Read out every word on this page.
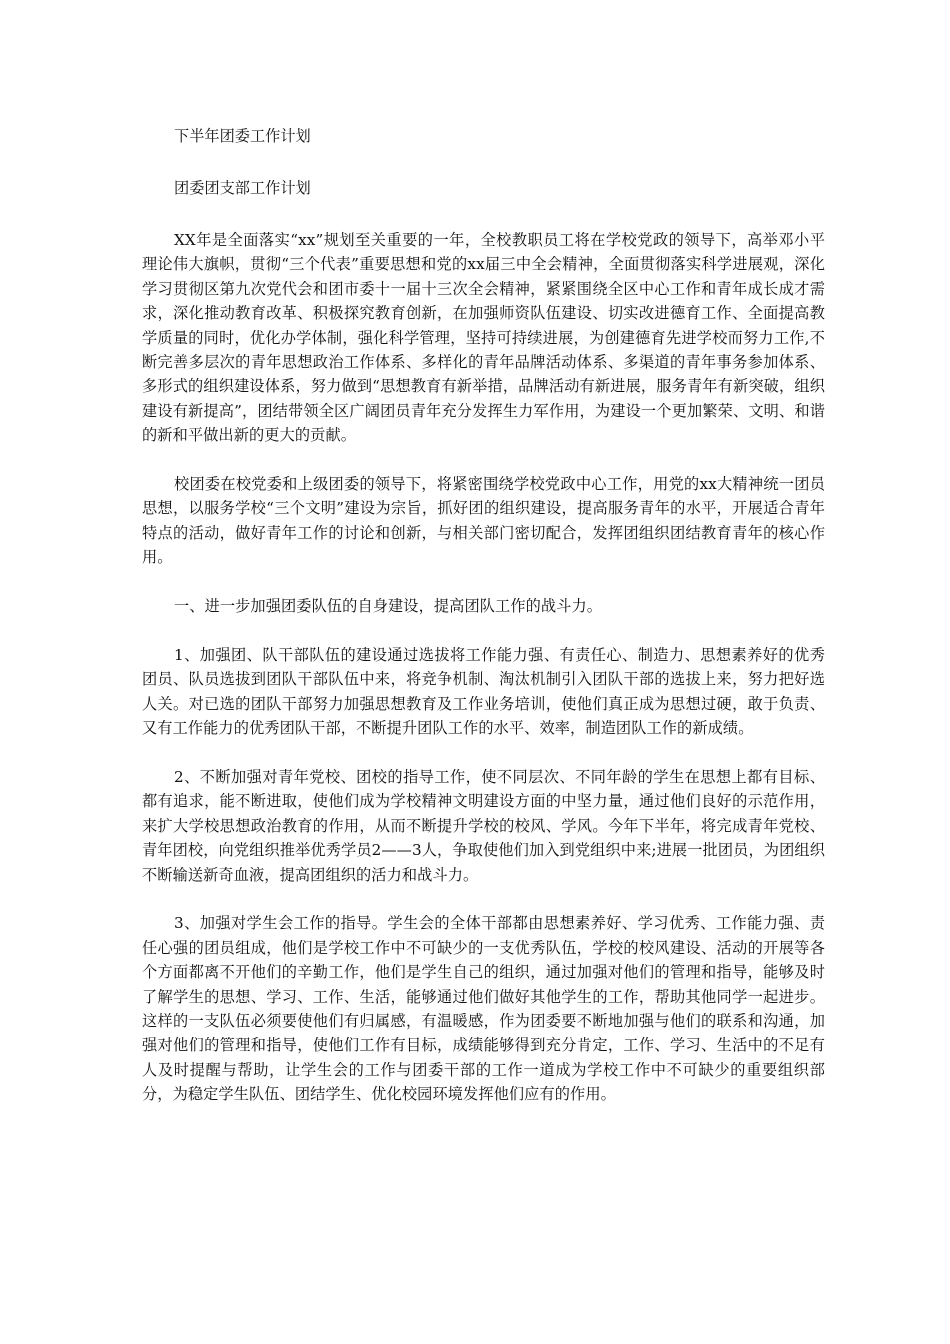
下半年团委工作计划

团委团支部工作计划

XX年是全面落实“xx”规划至关重要的一年，全校教职员工将在学校党政的领导下，高举邓小平理论伟大旗帜，贯彻“三个代表”重要思想和党的xx届三中全会精神，全面贯彻落实科学进展观，深化学习贯彻区第九次党代会和团市委十一届十三次全会精神，紧紧围绕全区中心工作和青年成长成才需求，深化推动教育改革、积极探究教育创新，在加强师资队伍建设、切实改进德育工作、全面提高教学质量的同时，优化办学体制，强化科学管理，坚持可持续进展，为创建德育先进学校而努力工作,不断完善多层次的青年思想政治工作体系、多样化的青年品牌活动体系、多渠道的青年事务参加体系、多形式的组织建设体系，努力做到“思想教育有新举措，品牌活动有新进展，服务青年有新突破，组织建设有新提高”，团结带领全区广阔团员青年充分发挥生力军作用，为建设一个更加繁荣、文明、和谐的新和平做出新的更大的贡献。

校团委在校党委和上级团委的领导下，将紧密围绕学校党政中心工作，用党的xx大精神统一团员思想，以服务学校“三个文明”建设为宗旨，抓好团的组织建设，提高服务青年的水平，开展适合青年特点的活动，做好青年工作的讨论和创新，与相关部门密切配合，发挥团组织团结教育青年的核心作用。

一、进一步加强团委队伍的自身建设，提高团队工作的战斗力。

1、加强团、队干部队伍的建设通过选拔将工作能力强、有责任心、制造力、思想素养好的优秀团员、队员选拔到团队干部队伍中来，将竞争机制、淘汰机制引入团队干部的选拔上来，努力把好选人关。对已选的团队干部努力加强思想教育及工作业务培训，使他们真正成为思想过硬，敢于负责、又有工作能力的优秀团队干部，不断提升团队工作的水平、效率，制造团队工作的新成绩。

2、不断加强对青年党校、团校的指导工作，使不同层次、不同年龄的学生在思想上都有目标、都有追求，能不断进取，使他们成为学校精神文明建设方面的中坚力量，通过他们良好的示范作用，来扩大学校思想政治教育的作用，从而不断提升学校的校风、学风。今年下半年，将完成青年党校、青年团校，向党组织推举优秀学员2——3人，争取使他们加入到党组织中来;进展一批团员，为团组织不断输送新奇血液，提高团组织的活力和战斗力。

3、加强对学生会工作的指导。学生会的全体干部都由思想素养好、学习优秀、工作能力强、责任心强的团员组成，他们是学校工作中不可缺少的一支优秀队伍，学校的校风建设、活动的开展等各个方面都离不开他们的辛勤工作，他们是学生自己的组织，通过加强对他们的管理和指导，能够及时了解学生的思想、学习、工作、生活，能够通过他们做好其他学生的工作，帮助其他同学一起进步。这样的一支队伍必须要使他们有归属感，有温暖感，作为团委要不断地加强与他们的联系和沟通，加强对他们的管理和指导，使他们工作有目标，成绩能够得到充分肯定，工作、学习、生活中的不足有人及时提醒与帮助，让学生会的工作与团委干部的工作一道成为学校工作中不可缺少的重要组织部分，为稳定学生队伍、团结学生、优化校园环境发挥他们应有的作用。
